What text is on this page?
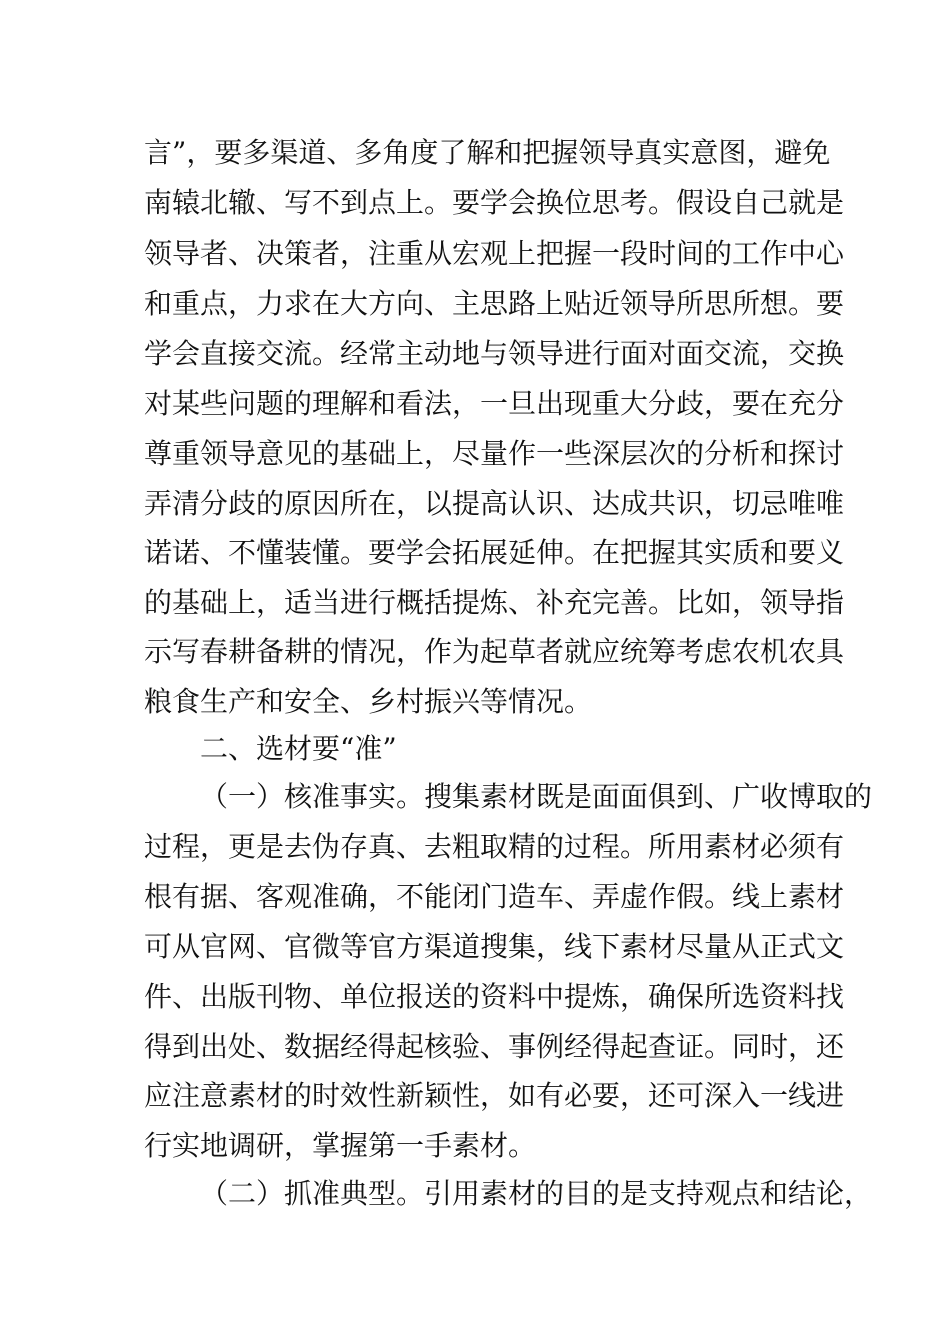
言”，要多渠道、多角度了解和把握领导真实意图，避免
南辕北辙、写不到点上。要学会换位思考。假设自己就是
领导者、决策者，注重从宏观上把握一段时间的工作中心
和重点，力求在大方向、主思路上贴近领导所思所想。要
学会直接交流。经常主动地与领导进行面对面交流，交换
对某些问题的理解和看法，一旦出现重大分歧，要在充分
尊重领导意见的基础上，尽量作一些深层次的分析和探讨
弄清分歧的原因所在，以提高认识、达成共识，切忌唯唯
诺诺、不懂装懂。要学会拓展延伸。在把握其实质和要义
的基础上，适当进行概括提炼、补充完善。比如，领导指
示写春耕备耕的情况，作为起草者就应统筹考虑农机农具
粮食生产和安全、乡村振兴等情况。
二、选材要“准”
（一）核准事实。搜集素材既是面面俱到、广收博取的
过程，更是去伪存真、去粗取精的过程。所用素材必须有
根有据、客观准确，不能闭门造车、弄虚作假。线上素材
可从官网、官微等官方渠道搜集，线下素材尽量从正式文
件、出版刊物、单位报送的资料中提炼，确保所选资料找
得到出处、数据经得起核验、事例经得起查证。同时，还
应注意素材的时效性新颖性，如有必要，还可深入一线进
行实地调研，掌握第一手素材。
（二）抓准典型。引用素材的目的是支持观点和结论，
